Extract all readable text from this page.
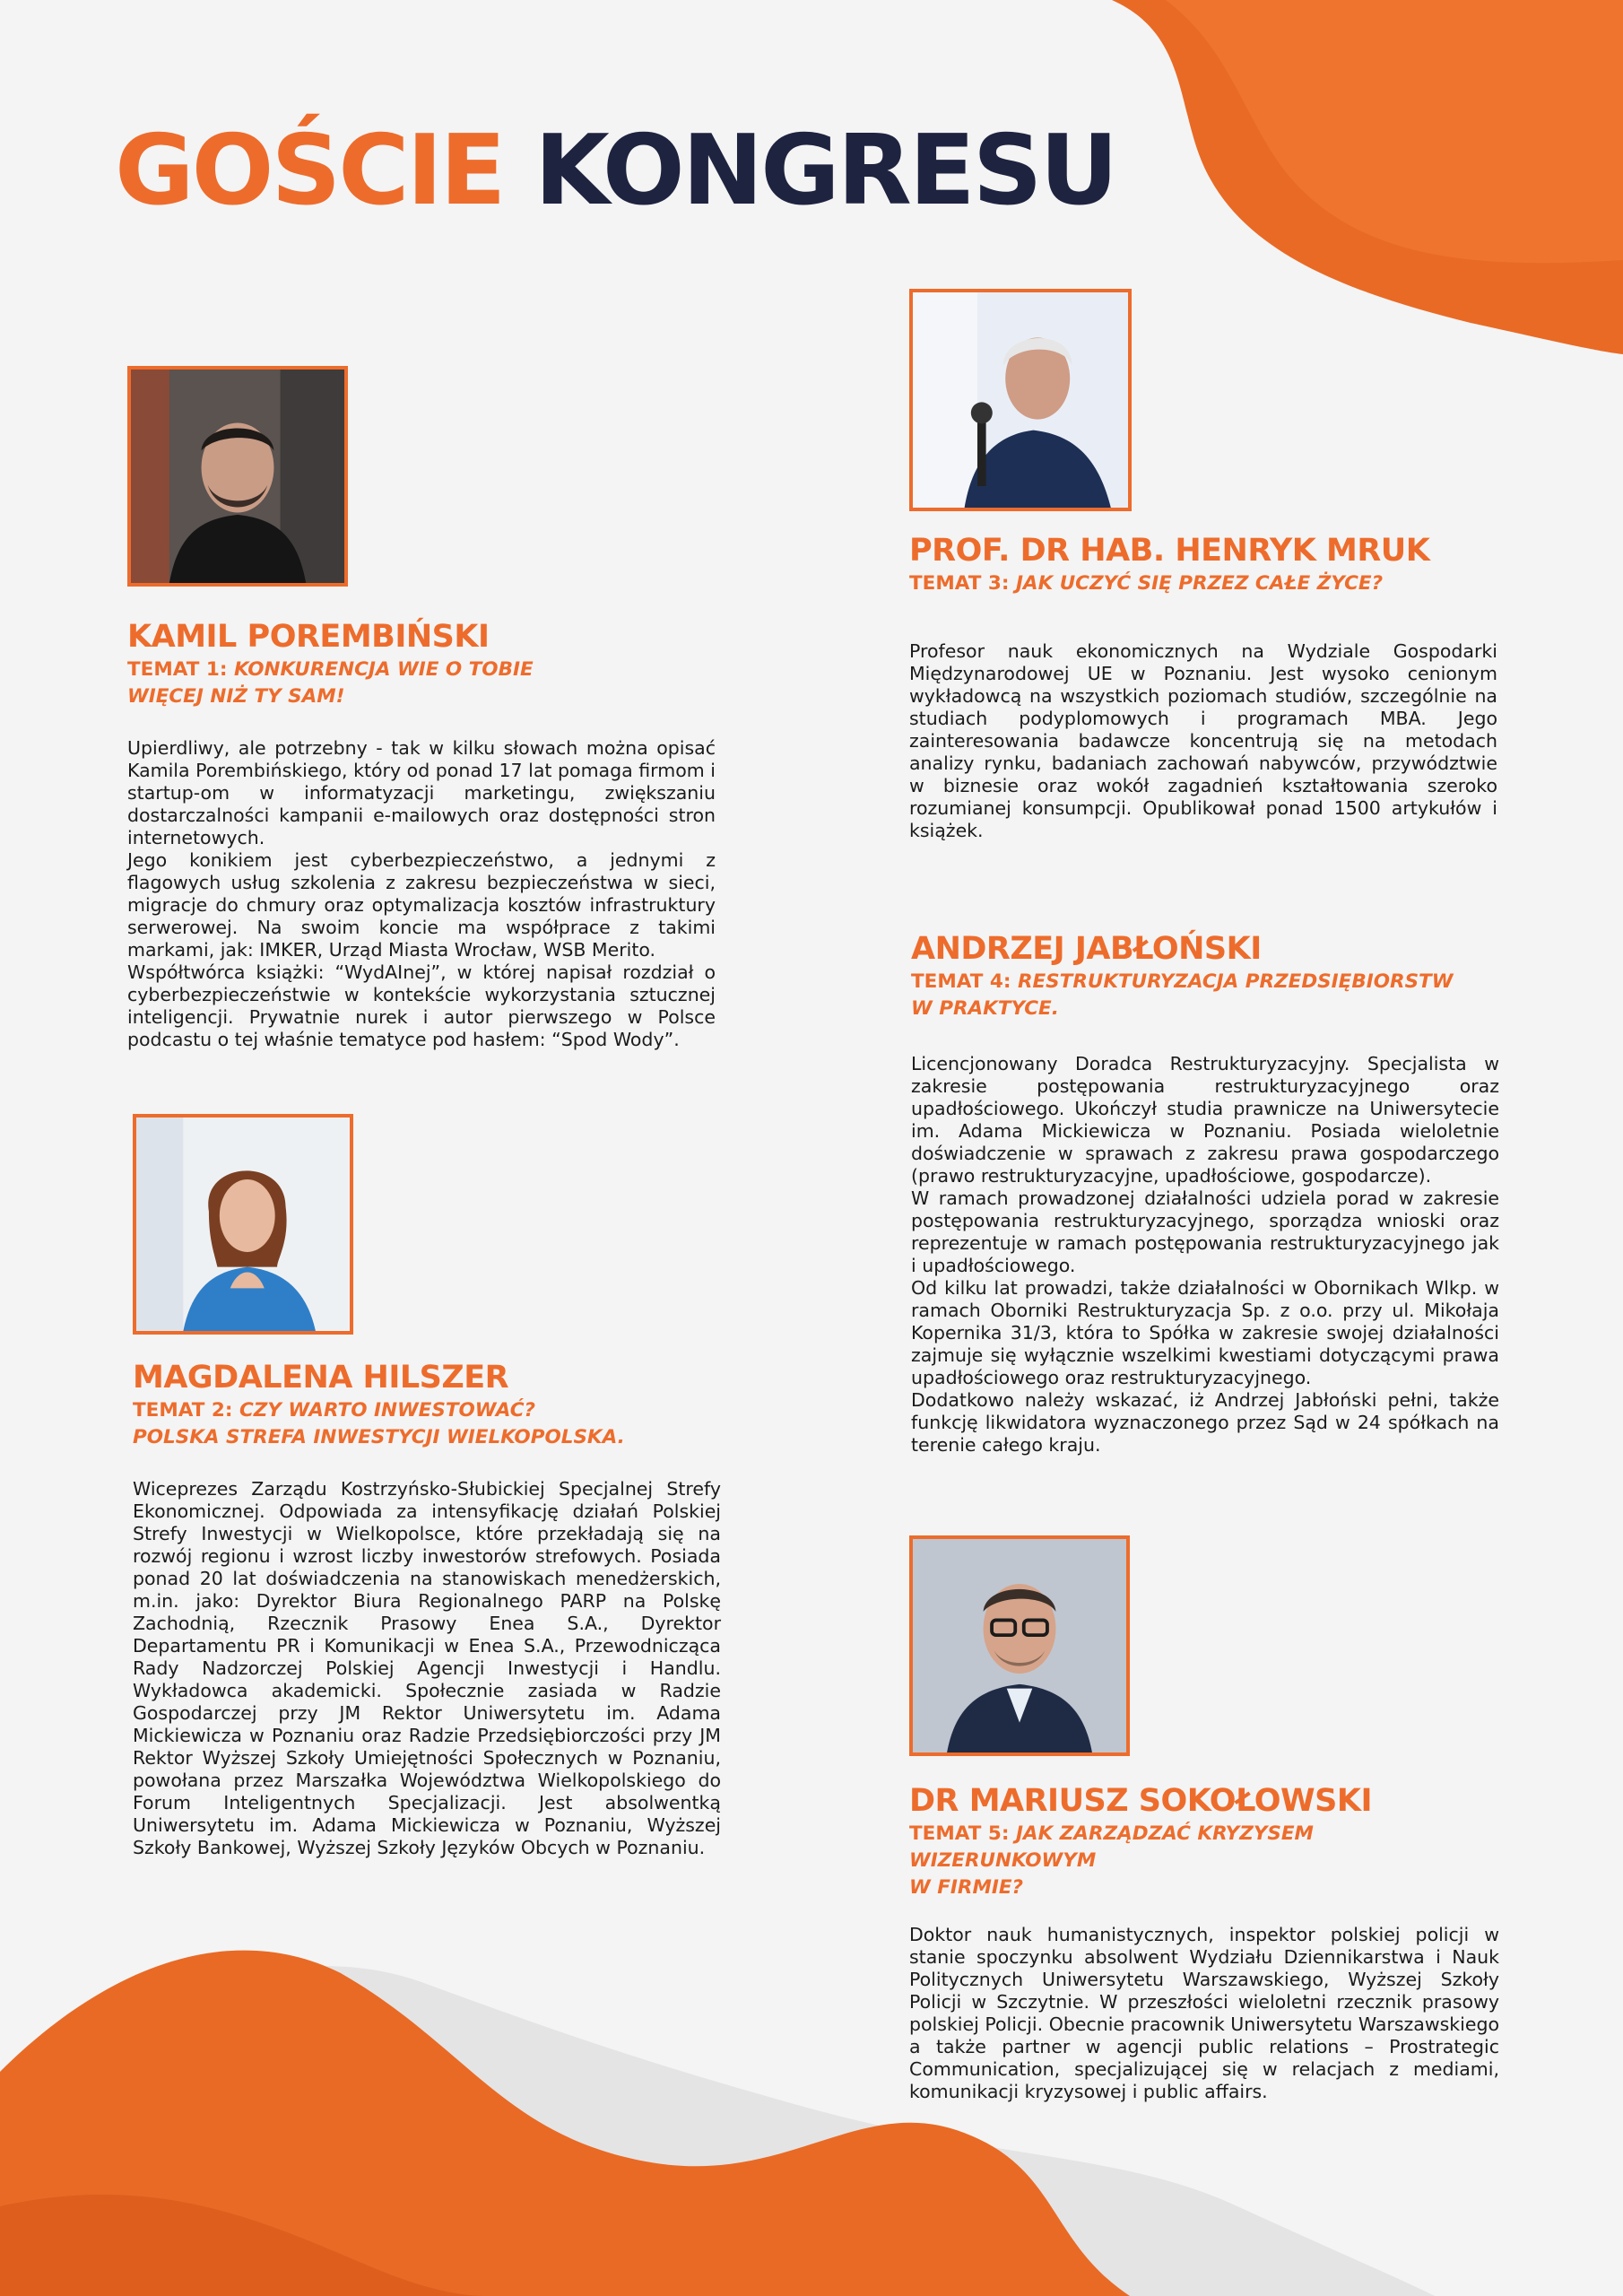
GOŚCIE KONGRESU
KAMIL POREMBIŃSKI
TEMAT 1: KONKURENCJA WIE O TOBIE
WIĘCEJ NIŻ TY SAM!

Upierdliwy, ale potrzebny - tak w kilku słowach można opisać Kamila Porembińskiego, który od ponad 17 lat pomaga firmom i startup-om w informatyzacji marketingu, zwiększaniu dostarczalności kampanii e-mailowych oraz dostępności stron internetowych.

Jego konikiem jest cyberbezpieczeństwo, a jednymi z flagowych usług szkolenia z zakresu bezpieczeństwa w sieci, migracje do chmury oraz optymalizacja kosztów infrastruktury serwerowej. Na swoim koncie ma współprace z takimi markami, jak: IMKER, Urząd Miasta Wrocław, WSB Merito.

Współtwórca książki: “WydAInej”, w której napisał rozdział o cyberbezpieczeństwie w kontekście wykorzystania sztucznej inteligencji. Prywatnie nurek i autor pierwszego w Polsce podcastu o tej właśnie tematyce pod hasłem: “Spod Wody”.

MAGDALENA HILSZER
TEMAT 2: CZY WARTO INWESTOWAĆ?
POLSKA STREFA INWESTYCJI WIELKOPOLSKA.

Wiceprezes Zarządu Kostrzyńsko-Słubickiej Specjalnej Strefy Ekonomicznej. Odpowiada za intensyfikację działań Polskiej Strefy Inwestycji w Wielkopolsce, które przekładają się na rozwój regionu i wzrost liczby inwestorów strefowych. Posiada ponad 20 lat doświadczenia na stanowiskach menedżerskich, m.in. jako: Dyrektor Biura Regionalnego PARP na Polskę Zachodnią, Rzecznik Prasowy Enea S.A., Dyrektor Departamentu PR i Komunikacji w Enea S.A., Przewodnicząca Rady Nadzorczej Polskiej Agencji Inwestycji i Handlu. Wykładowca akademicki. Społecznie zasiada w Radzie Gospodarczej przy JM Rektor Uniwersytetu im. Adama Mickiewicza w Poznaniu oraz Radzie Przedsiębiorczości przy JM Rektor Wyższej Szkoły Umiejętności Społecznych w Poznaniu, powołana przez Marszałka Województwa Wielkopolskiego do Forum Inteligentnych Specjalizacji. Jest absolwentką Uniwersytetu im. Adama Mickiewicza w Poznaniu, Wyższej Szkoły Bankowej, Wyższej Szkoły Języków Obcych w Poznaniu.

PROF. DR HAB. HENRYK MRUK
TEMAT 3: JAK UCZYĆ SIĘ PRZEZ CAŁE ŻYCE?

Profesor nauk ekonomicznych na Wydziale Gospodarki Międzynarodowej UE w Poznaniu. Jest wysoko cenionym wykładowcą na wszystkich poziomach studiów, szczególnie na studiach podyplomowych i programach MBA. Jego zainteresowania badawcze koncentrują się na metodach analizy rynku, badaniach zachowań nabywców, przywództwie w biznesie oraz wokół zagadnień kształtowania szeroko rozumianej konsumpcji. Opublikował ponad 1500 artykułów i książek.

ANDRZEJ JABŁOŃSKI
TEMAT 4: RESTRUKTURYZACJA PRZEDSIĘBIORSTW
W PRAKTYCE.

Licencjonowany Doradca Restrukturyzacyjny. Specjalista w zakresie postępowania restrukturyzacyjnego oraz upadłościowego. Ukończył studia prawnicze na Uniwersytecie im. Adama Mickiewicza w Poznaniu. Posiada wieloletnie doświadczenie w sprawach z zakresu prawa gospodarczego (prawo restrukturyzacyjne, upadłościowe, gospodarcze).

W ramach prowadzonej działalności udziela porad w zakresie postępowania restrukturyzacyjnego, sporządza wnioski oraz reprezentuje w ramach postępowania restrukturyzacyjnego jak i upadłościowego.

Od kilku lat prowadzi, także działalności w Obornikach Wlkp. w ramach Oborniki Restrukturyzacja Sp. z o.o. przy ul. Mikołaja Kopernika 31/3, która to Spółka w zakresie swojej działalności zajmuje się wyłącznie wszelkimi kwestiami dotyczącymi prawa upadłościowego oraz restrukturyzacyjnego.

Dodatkowo należy wskazać, iż Andrzej Jabłoński pełni, także funkcję likwidatora wyznaczonego przez Sąd w 24 spółkach na terenie całego kraju.

DR MARIUSZ SOKOŁOWSKI
TEMAT 5: JAK ZARZĄDZAĆ KRYZYSEM WIZERUNKOWYM
W FIRMIE?

Doktor nauk humanistycznych, inspektor polskiej policji w stanie spoczynku absolwent Wydziału Dziennikarstwa i Nauk Politycznych Uniwersytetu Warszawskiego, Wyższej Szkoły Policji w Szczytnie. W przeszłości wieloletni rzecznik prasowy polskiej Policji. Obecnie pracownik Uniwersytetu Warszawskiego a także partner w agencji public relations – Prostrategic Communication, specjalizującej się w relacjach z mediami, komunikacji kryzysowej i public affairs.
